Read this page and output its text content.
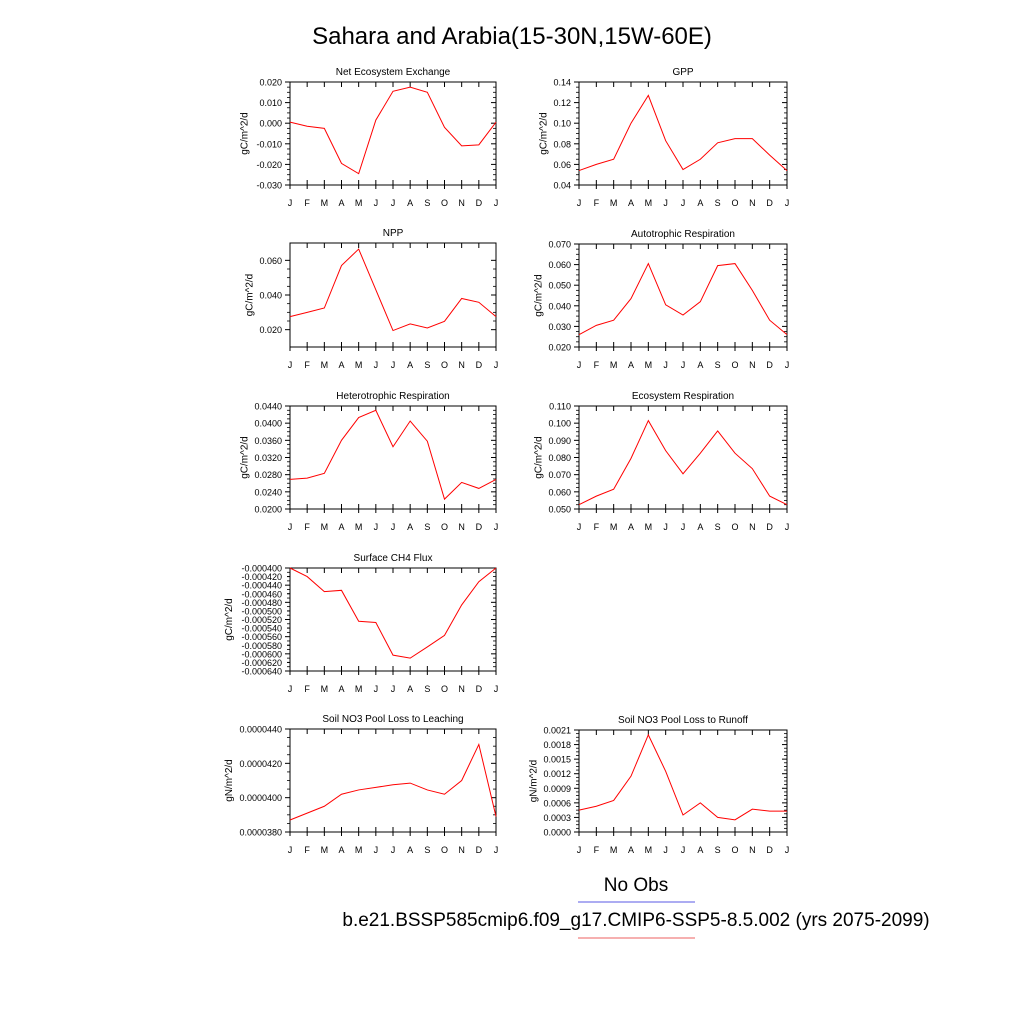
Sahara and Arabia(15-30N,15W-60E)
Net Ecosystem Exchange
J F M A M J J A S O N D J
-0.030
-0.020
-0.010
0.000
0.010
0.020
gC/m^2/d
GPP
J F M A M J J A S O N D J
0.04
0.06
0.08
0.10
0.12
0.14
gC/m^2/d
NPP
J F M A M J J A S O N D J
0.020
0.040
0.060
gC/m^2/d
Autotrophic Respiration
J F M A M J J A S O N D J
0.020
0.030
0.040
0.050
0.060
0.070
gC/m^2/d
Heterotrophic Respiration
J F M A M J J A S O N D J
0.0200
0.0240
0.0280
0.0320
0.0360
0.0400
0.0440
gC/m^2/d
Ecosystem Respiration
J F M A M J J A S O N D J
0.050
0.060
0.070
0.080
0.090
0.100
0.110
gC/m^2/d
Surface CH4 Flux
J F M A M J J A S O N D J
-0.000640
-0.000600
-0.000560
-0.000520
-0.000480
-0.000440
-0.000400
-0.000620
-0.000580
-0.000540
-0.000500
-0.000460
-0.000420
gC/m^2/d
Soil NO3 Pool Loss to Leaching
J F M A M J J A S O N D J
0.0000380
0.0000400
0.0000420
0.0000440
gN/m^2/d
Soil NO3 Pool Loss to Runoff
J F M A M J J A S O N D J
0.0000
0.0003
0.0006
0.0009
0.0012
0.0015
0.0018
0.0021
gN/m^2/d
No Obs
b.e21.BSSP585cmip6.f09_g17.CMIP6-SSP5-8.5.002 (yrs 2075-2099)
